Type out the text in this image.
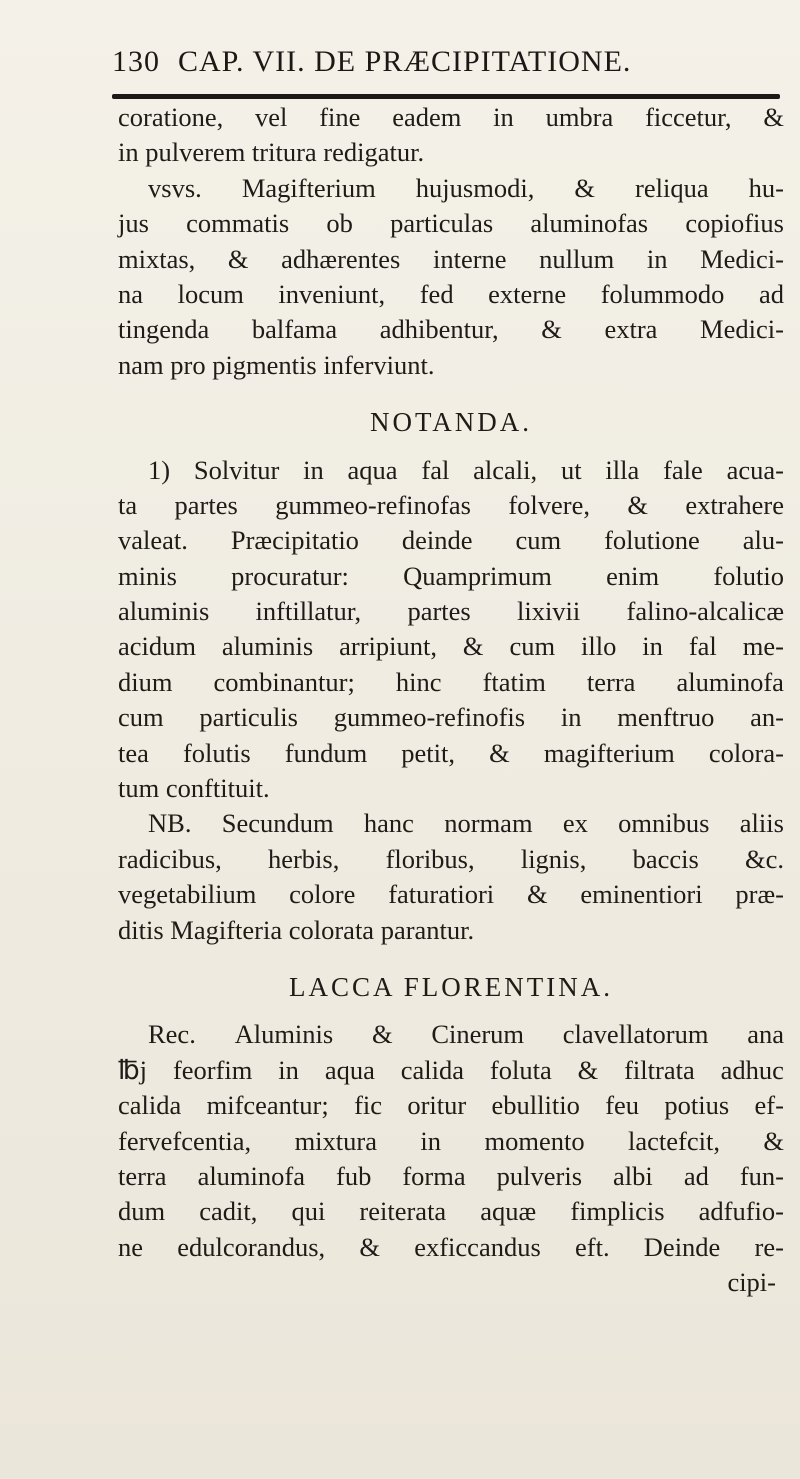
130 CAP. VII. DE PRÆCIPITATIONE.
coratione, vel fine eadem in umbra ficcetur, &
in pulverem tritura redigatur.
vsvs. Magifterium hujusmodi, & reliqua hu-
jus commatis ob particulas aluminofas copiofius
mixtas, & adhærentes interne nullum in Medici-
na locum inveniunt, fed externe folummodo ad
tingenda balfama adhibentur, & extra Medici-
nam pro pigmentis inferviunt.
NOTANDA.
1) Solvitur in aqua fal alcali, ut illa fale acua-
ta partes gummeo-refinofas folvere, & extrahere
valeat. Præcipitatio deinde cum folutione alu-
minis procuratur: Quamprimum enim folutio
aluminis inftillatur, partes lixivii falino-alcalicæ
acidum aluminis arripiunt, & cum illo in fal me-
dium combinantur; hinc ftatim terra aluminofa
cum particulis gummeo-refinofis in menftruo an-
tea folutis fundum petit, & magifterium colora-
tum conftituit.
NB. Secundum hanc normam ex omnibus aliis
radicibus, herbis, floribus, lignis, baccis &c.
vegetabilium colore faturatiori & eminentiori præ-
ditis Magifteria colorata parantur.
LACCA FLORENTINA.
Rec. Aluminis & Cinerum clavellatorum ana
℔j feorfim in aqua calida foluta & filtrata adhuc
calida mifceantur; fic oritur ebullitio feu potius ef-
fervefcentia, mixtura in momento lactefcit, &
terra aluminofa fub forma pulveris albi ad fun-
dum cadit, qui reiterata aquæ fimplicis adfufio-
ne edulcorandus, & exficcandus eft. Deinde re-
cipi-
